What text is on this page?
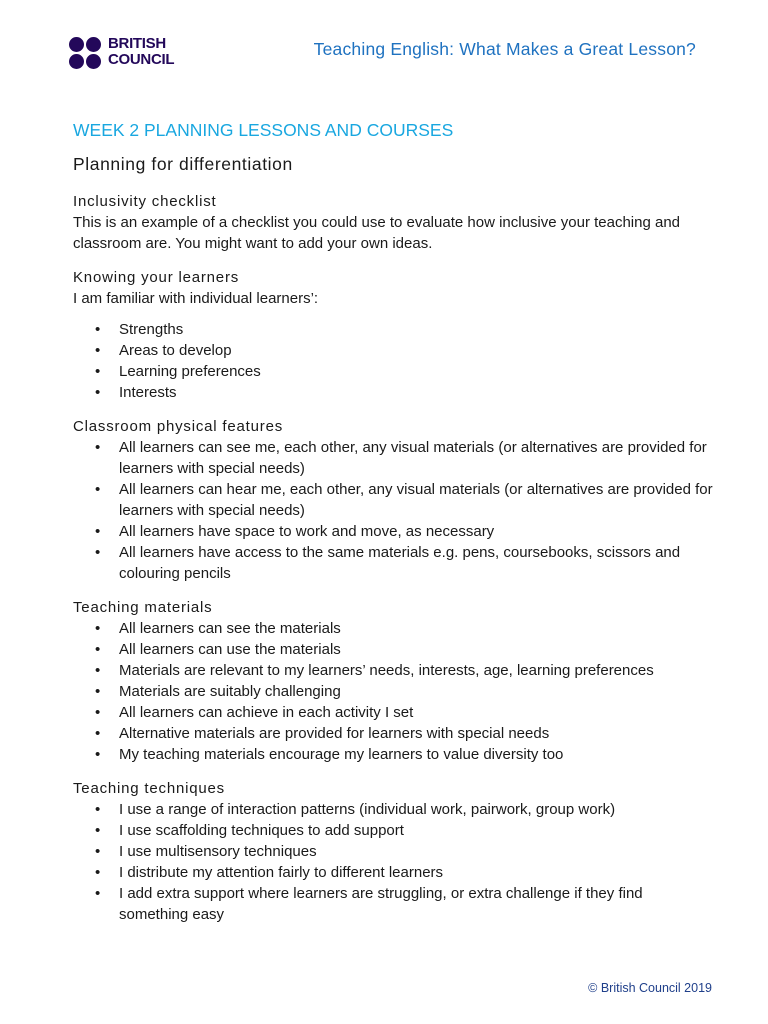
BRITISH
COUNCIL
Teaching English: What Makes a Great Lesson?
WEEK 2 PLANNING LESSONS AND COURSES
Planning for differentiation
Inclusivity checklist
This is an example of a checklist you could use to evaluate how inclusive your teaching and classroom are. You might want to add your own ideas.
Knowing your learners
I am familiar with individual learners’:
• Strengths
• Areas to develop
• Learning preferences
• Interests
Classroom physical features
• All learners can see me, each other, any visual materials (or alternatives are provided for learners with special needs)
• All learners can hear me, each other, any visual materials (or alternatives are provided for learners with special needs)
• All learners have space to work and move, as necessary
• All learners have access to the same materials e.g. pens, coursebooks, scissors and colouring pencils
Teaching materials
• All learners can see the materials
• All learners can use the materials
• Materials are relevant to my learners’ needs, interests, age, learning preferences
• Materials are suitably challenging
• All learners can achieve in each activity I set
• Alternative materials are provided for learners with special needs
• My teaching materials encourage my learners to value diversity too
Teaching techniques
• I use a range of interaction patterns (individual work, pairwork, group work)
• I use scaffolding techniques to add support
• I use multisensory techniques
• I distribute my attention fairly to different learners
• I add extra support where learners are struggling, or extra challenge if they find something easy
© British Council 2019
